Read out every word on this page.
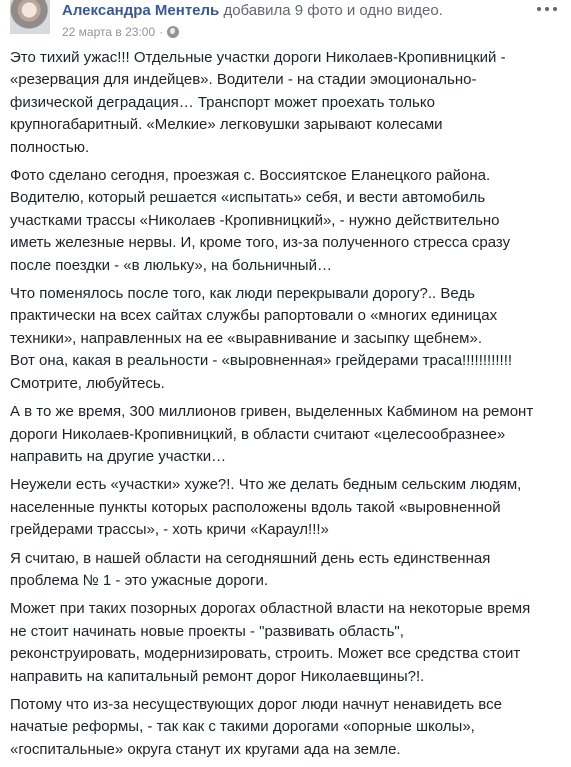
Александра Ментель добавила 9 фото и одно видео.
22 марта в 23:00 ·

Это тихий ужас!!! Отдельные участки дороги Николаев-Кропивницкий -
«резервация для индейцев». Водители - на стадии эмоционально-
физической деградация… Транспорт может проехать только
крупногабаритный. «Мелкие» легковушки зарывают колесами
полностью.

Фото сделано сегодня, проезжая с. Воссиятское Еланецкого района.
Водителю, который решается «испытать» себя, и вести автомобиль
участками трассы «Николаев -Кропивницкий», - нужно действительно
иметь железные нервы. И, кроме того, из-за полученного стресса сразу
после поездки - «в люльку», на больничный…

Что поменялось после того, как люди перекрывали дорогу?.. Ведь
практически на всех сайтах службы рапортовали о «многих единицах
техники», направленных на ее «выравнивание и засыпку щебнем».
Вот она, какая в реальности - «выровненная» грейдерами трасa!!!!!!!!!!!!
Смотрите, любуйтесь.

А в то же время, 300 миллионов гривен, выделенных Кабмином на ремонт
дороги Николаев-Кропивницкий, в области считают «целесообразнее»
направить на другие участки…

Неужели есть «участки» хуже?!. Что же делать бедным сельским людям,
населенные пункты которых расположены вдоль такой «выровненной
грейдерами трассы», - хоть кричи «Караул!!!»

Я считаю, в нашей области на сегодняшний день есть единственная
проблема № 1 - это ужасные дороги.

Может при таких позорных дорогах областной власти на некоторые время
не стоит начинать новые проекты - "развивать область",
реконструировать, модернизировать, строить. Может все средства стоит
направить на капитальный ремонт дорог Николаевщины?!.

Потому что из-за несуществующих дорог люди начнут ненавидеть все
начатые реформы, - так как с такими дорогами «опорные школы»,
«госпитальные» округа станут их кругами ада на земле.
